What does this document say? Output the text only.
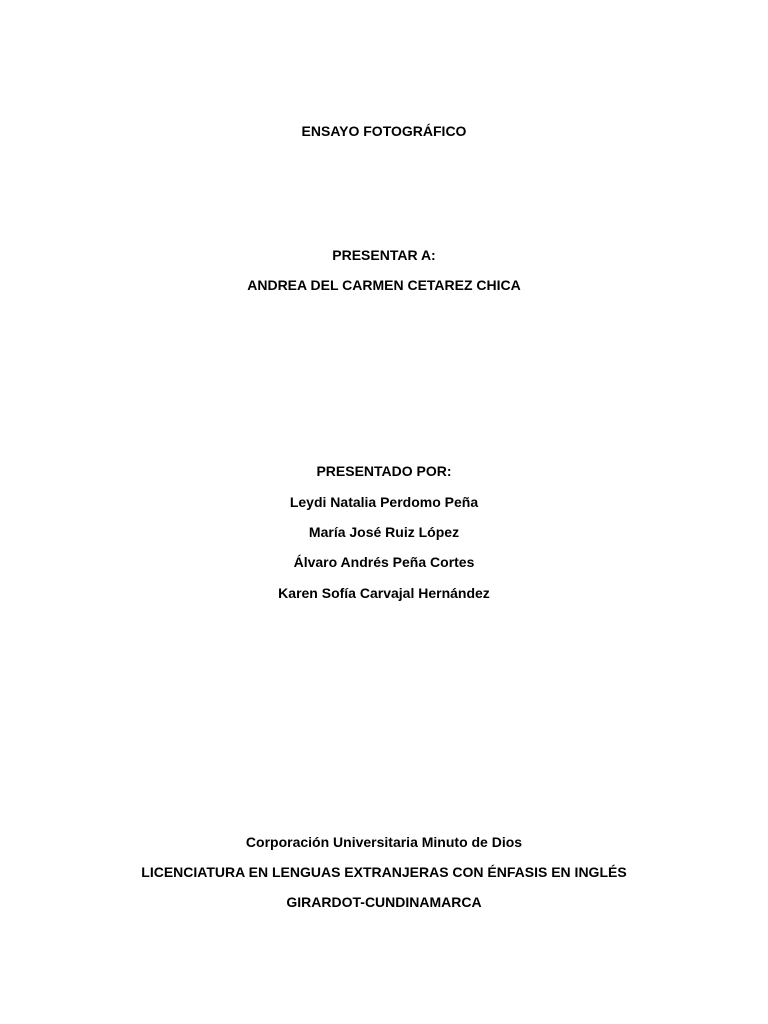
ENSAYO FOTOGRÁFICO
PRESENTAR A:
ANDREA DEL CARMEN CETAREZ CHICA
PRESENTADO POR:
Leydi Natalia Perdomo Peña
María José Ruiz López
Álvaro Andrés Peña Cortes
Karen Sofía Carvajal Hernández
Corporación Universitaria Minuto de Dios
LICENCIATURA EN LENGUAS EXTRANJERAS CON ÉNFASIS EN INGLÉS
GIRARDOT-CUNDINAMARCA
